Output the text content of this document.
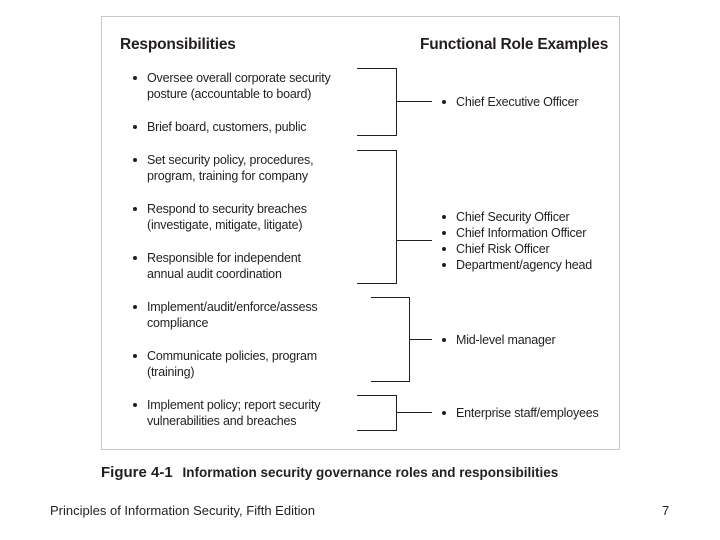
Responsibilities	Functional Role Examples
Oversee overall corporate security
posture (accountable to board)
Brief board, customers, public
Set security policy, procedures,
program, training for company
Respond to security breaches
(investigate, mitigate, litigate)
Responsible for independent
annual audit coordination
Implement/audit/enforce/assess
compliance
Communicate policies, program
(training)
Implement policy; report security
vulnerabilities and breaches
Chief Executive Officer
Chief Security Officer
Chief Information Officer
Chief Risk Officer
Department/agency head
Mid-level manager
Enterprise staff/employees
Figure 4-1 Information security governance roles and responsibilities
Principles of Information Security, Fifth Edition	7
